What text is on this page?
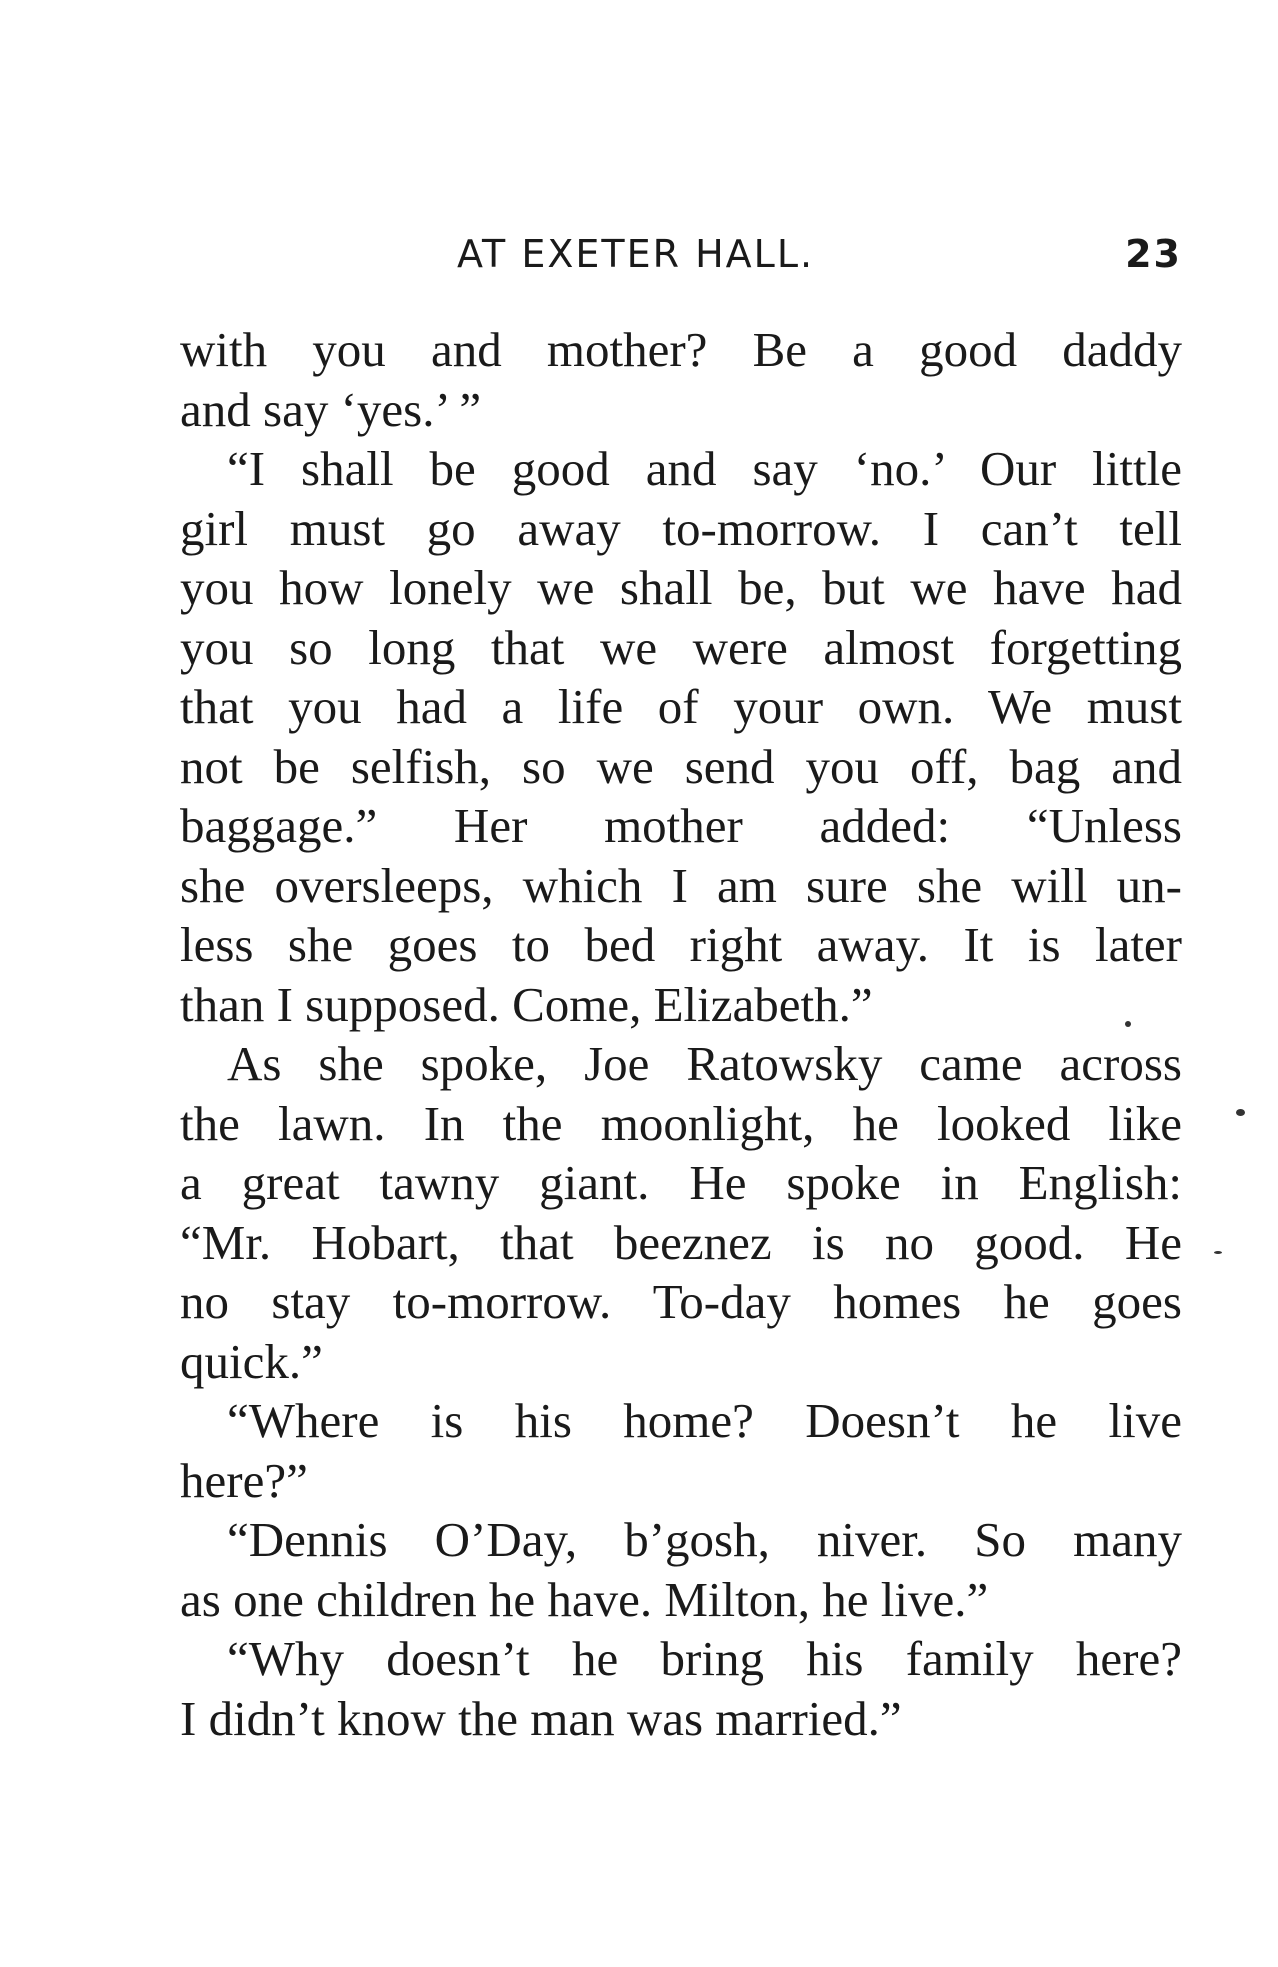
AT EXETER HALL.	23

with you and mother? Be a good daddy
and say ‘yes.’ ”

“I shall be good and say ‘no.’ Our little
girl must go away to-morrow. I can’t tell
you how lonely we shall be, but we have had
you so long that we were almost forgetting
that you had a life of your own. We must
not be selfish, so we send you off, bag and
baggage.” Her mother added: “Unless
she oversleeps, which I am sure she will un-
less she goes to bed right away. It is later
than I supposed. Come, Elizabeth.”

As she spoke, Joe Ratowsky came across
the lawn. In the moonlight, he looked like
a great tawny giant. He spoke in English:
“Mr. Hobart, that beeznez is no good. He
no stay to-morrow. To-day homes he goes
quick.”

“Where is his home? Doesn’t he live
here?”

“Dennis O’Day, b’gosh, niver. So many
as one children he have. Milton, he live.”

“Why doesn’t he bring his family here?
I didn’t know the man was married.”
